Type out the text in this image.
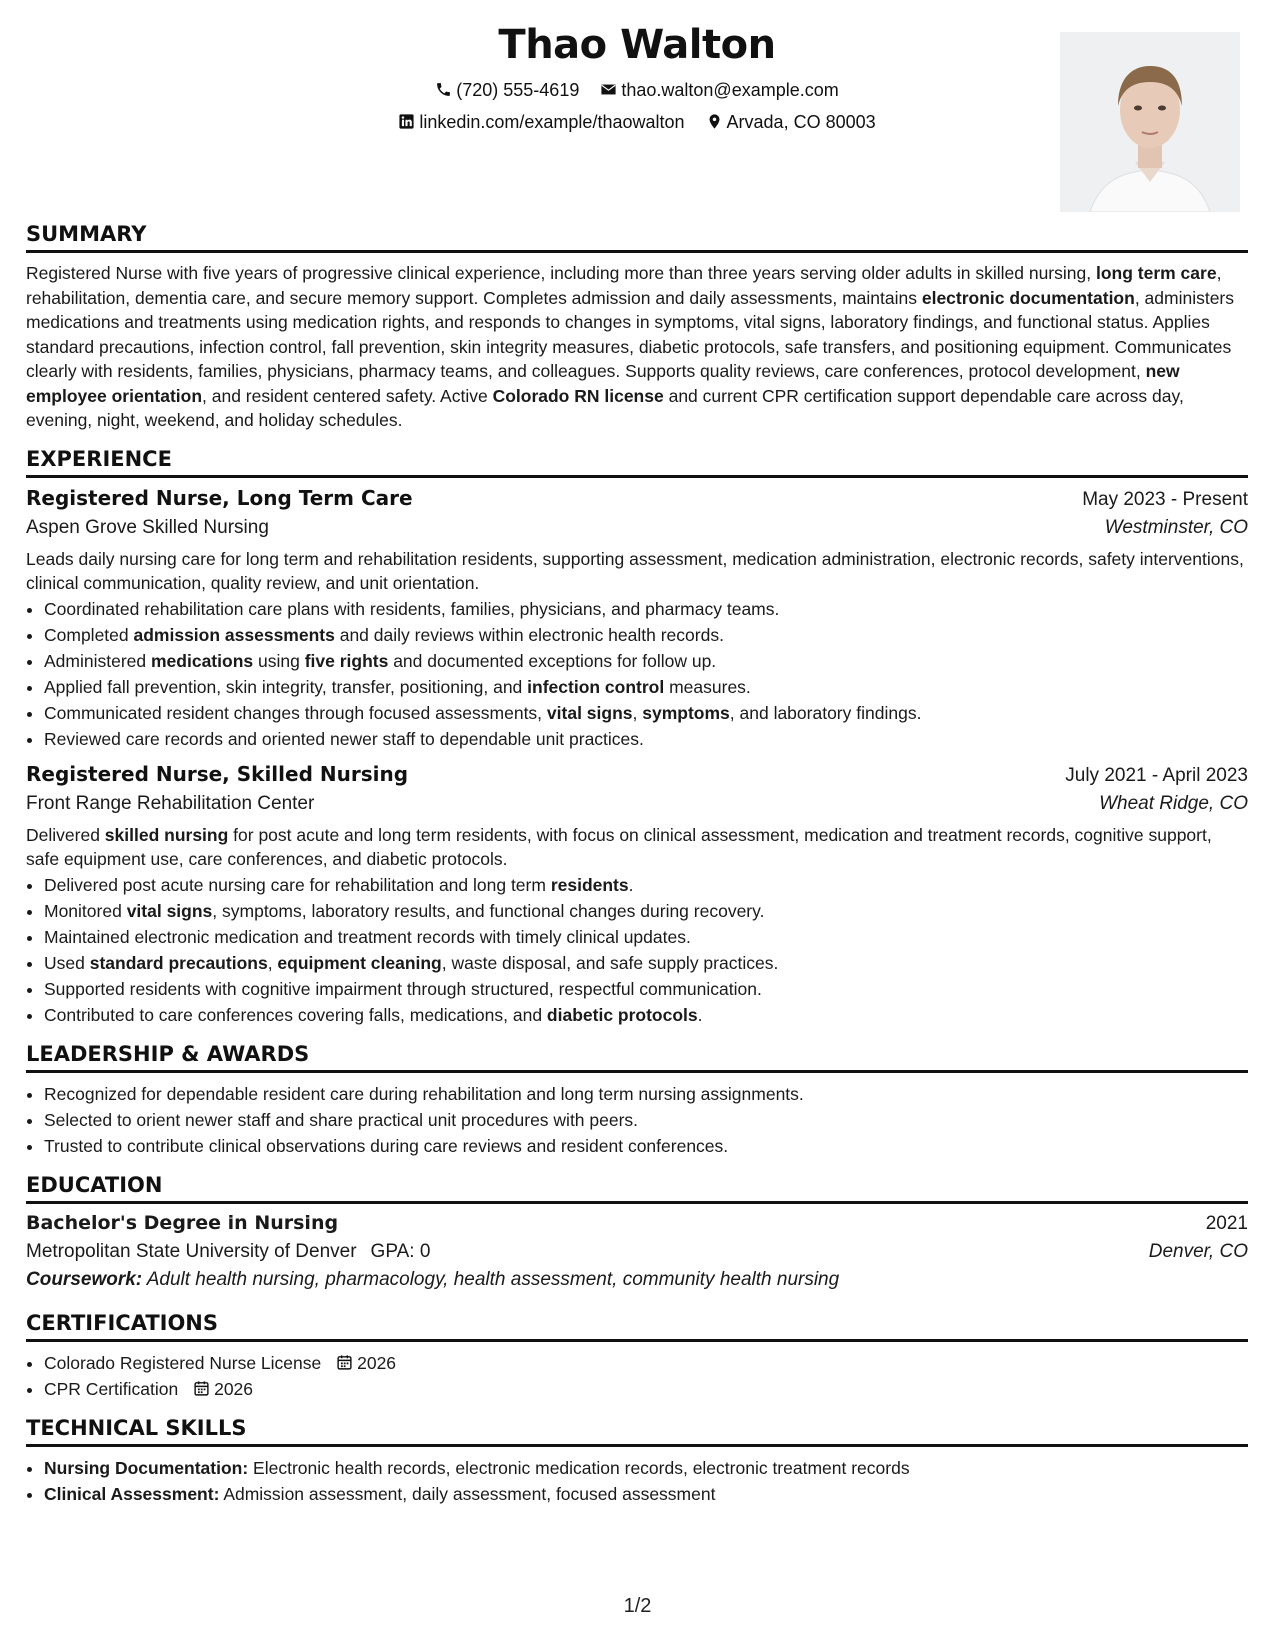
Thao Walton
(720) 555-4619 thao.walton@example.com
linkedin.com/example/thaowalton Arvada, CO 80003
SUMMARY

Registered Nurse with five years of progressive clinical experience, including more than three years serving older adults in skilled nursing, long term care, rehabilitation, dementia care, and secure memory support. Completes admission and daily assessments, maintains electronic documentation, administers medications and treatments using medication rights, and responds to changes in symptoms, vital signs, laboratory findings, and functional status. Applies standard precautions, infection control, fall prevention, skin integrity measures, diabetic protocols, safe transfers, and positioning equipment. Communicates clearly with residents, families, physicians, pharmacy teams, and colleagues. Supports quality reviews, care conferences, protocol development, new employee orientation, and resident centered safety. Active Colorado RN license and current CPR certification support dependable care across day, evening, night, weekend, and holiday schedules.

EXPERIENCE
Registered Nurse, Long Term Care	May 2023 - Present
Aspen Grove Skilled Nursing	Westminster, CO

Leads daily nursing care for long term and rehabilitation residents, supporting assessment, medication administration, electronic records, safety interventions, clinical communication, quality review, and unit orientation.

• Coordinated rehabilitation care plans with residents, families, physicians, and pharmacy teams.
• Completed admission assessments and daily reviews within electronic health records.
• Administered medications using five rights and documented exceptions for follow up.
• Applied fall prevention, skin integrity, transfer, positioning, and infection control measures.
• Communicated resident changes through focused assessments, vital signs, symptoms, and laboratory findings.
• Reviewed care records and oriented newer staff to dependable unit practices.
Registered Nurse, Skilled Nursing	July 2021 - April 2023
Front Range Rehabilitation Center	Wheat Ridge, CO

Delivered skilled nursing for post acute and long term residents, with focus on clinical assessment, medication and treatment records, cognitive support, safe equipment use, care conferences, and diabetic protocols.

• Delivered post acute nursing care for rehabilitation and long term residents.
• Monitored vital signs, symptoms, laboratory results, and functional changes during recovery.
• Maintained electronic medication and treatment records with timely clinical updates.
• Used standard precautions, equipment cleaning, waste disposal, and safe supply practices.
• Supported residents with cognitive impairment through structured, respectful communication.
• Contributed to care conferences covering falls, medications, and diabetic protocols.
LEADERSHIP & AWARDS
• Recognized for dependable resident care during rehabilitation and long term nursing assignments.
• Selected to orient newer staff and share practical unit procedures with peers.
• Trusted to contribute clinical observations during care reviews and resident conferences.
EDUCATION
Bachelor's Degree in Nursing	2021
Metropolitan State University of Denver GPA: 0	Denver, CO
Coursework: Adult health nursing, pharmacology, health assessment, community health nursing
CERTIFICATIONS
• Colorado Registered Nurse License 2026
• CPR Certification 2026
TECHNICAL SKILLS
• Nursing Documentation: Electronic health records, electronic medication records, electronic treatment records
• Clinical Assessment: Admission assessment, daily assessment, focused assessment
1/2
